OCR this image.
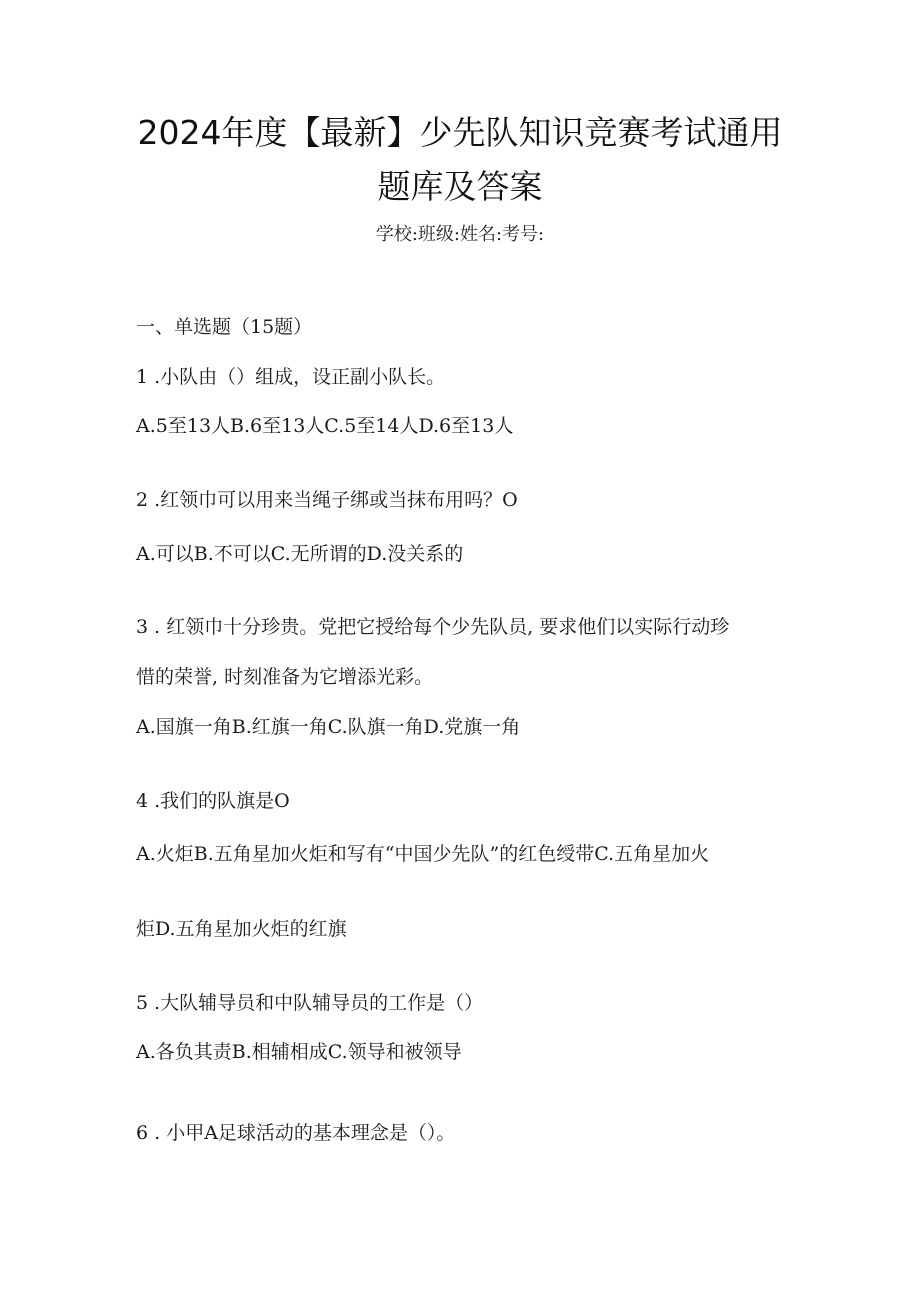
2024年度【最新】少先队知识竞赛考试通用
题库及答案
学校:班级:姓名:考号:
一、单选题（15题）
1 .小队由（）组成，设正副小队长。
A.5至13人B.6至13人C.5至14人D.6至13人
2 .红领巾可以用来当绳子绑或当抹布用吗？O
A.可以B.不可以C.无所谓的D.没关系的
3 . 红领巾十分珍贵。党把它授给每个少先队员, 要求他们以实际行动珍
惜的荣誉, 时刻准备为它增添光彩。
A.国旗一角B.红旗一角C.队旗一角D.党旗一角
4 .我们的队旗是O
A.火炬B.五角星加火炬和写有“中国少先队”的红色绶带C.五角星加火
炬D.五角星加火炬的红旗
5 .大队辅导员和中队辅导员的工作是（）
A.各负其责B.相辅相成C.领导和被领导
6 . 小甲A足球活动的基本理念是（）。
